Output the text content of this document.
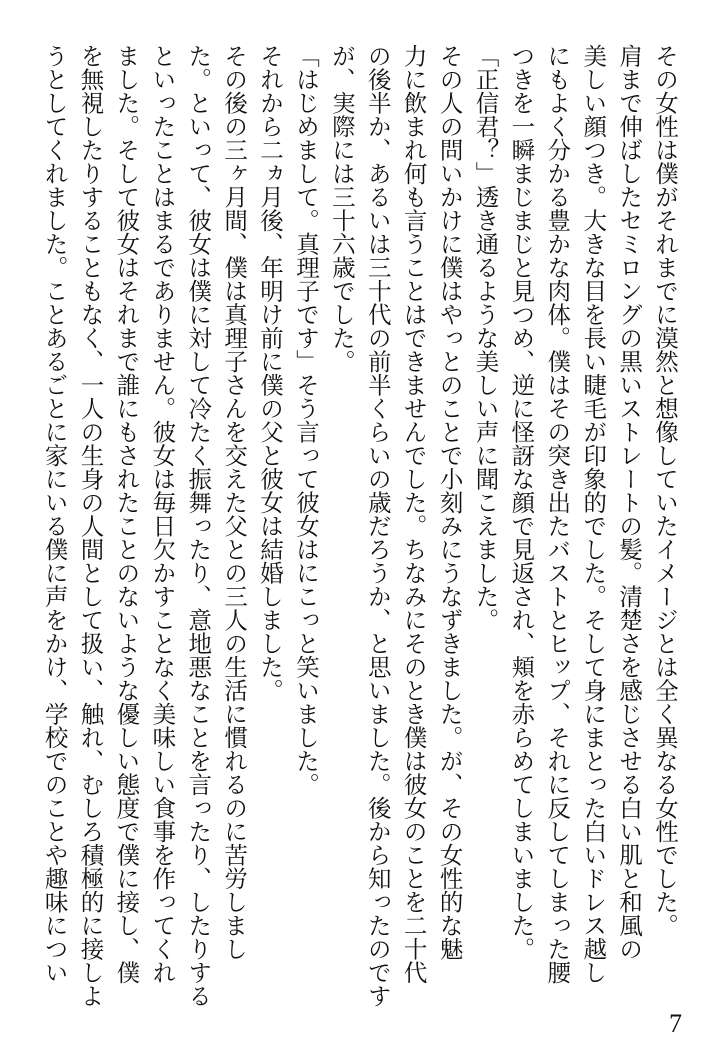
その女性は僕がそれまでに漠然と想像していたイメージとは全く異なる女性でした。
肩まで伸ばしたセミロングの黒いストレートの髪。清楚さを感じさせる白い肌と和風の
美しい顔つき。大きな目を長い睫毛が印象的でした。そして身にまとった白いドレス越し
にもよく分かる豊かな肉体。僕はその突き出たバストとヒップ、それに反してしまった腰
つきを一瞬まじまじと見つめ、逆に怪訝な顔で見返され、頬を赤らめてしまいました。
「正信君？」透き通るような美しい声に聞こえました。
その人の問いかけに僕はやっとのことで小刻みにうなずきました。が、その女性的な魅
力に飲まれ何も言うことはできませんでした。ちなみにそのとき僕は彼女のことを二十代
の後半か、あるいは三十代の前半くらいの歳だろうか、と思いました。後から知ったのです
が、実際には三十六歳でした。
「はじめまして。真理子です」そう言って彼女はにこっと笑いました。
それから二ヵ月後、年明け前に僕の父と彼女は結婚しました。
その後の三ヶ月間、僕は真理子さんを交えた父との三人の生活に慣れるのに苦労しまし
た。といって、彼女は僕に対して冷たく振舞ったり、意地悪なことを言ったり、したりする
といったことはまるでありません。彼女は毎日欠かすことなく美味しい食事を作ってくれ
ました。そして彼女はそれまで誰にもされたことのないような優しい態度で僕に接し、僕
を無視したりすることもなく、一人の生身の人間として扱い、触れ、むしろ積極的に接しよ
うとしてくれました。ことあるごとに家にいる僕に声をかけ、学校でのことや趣味につい
7
